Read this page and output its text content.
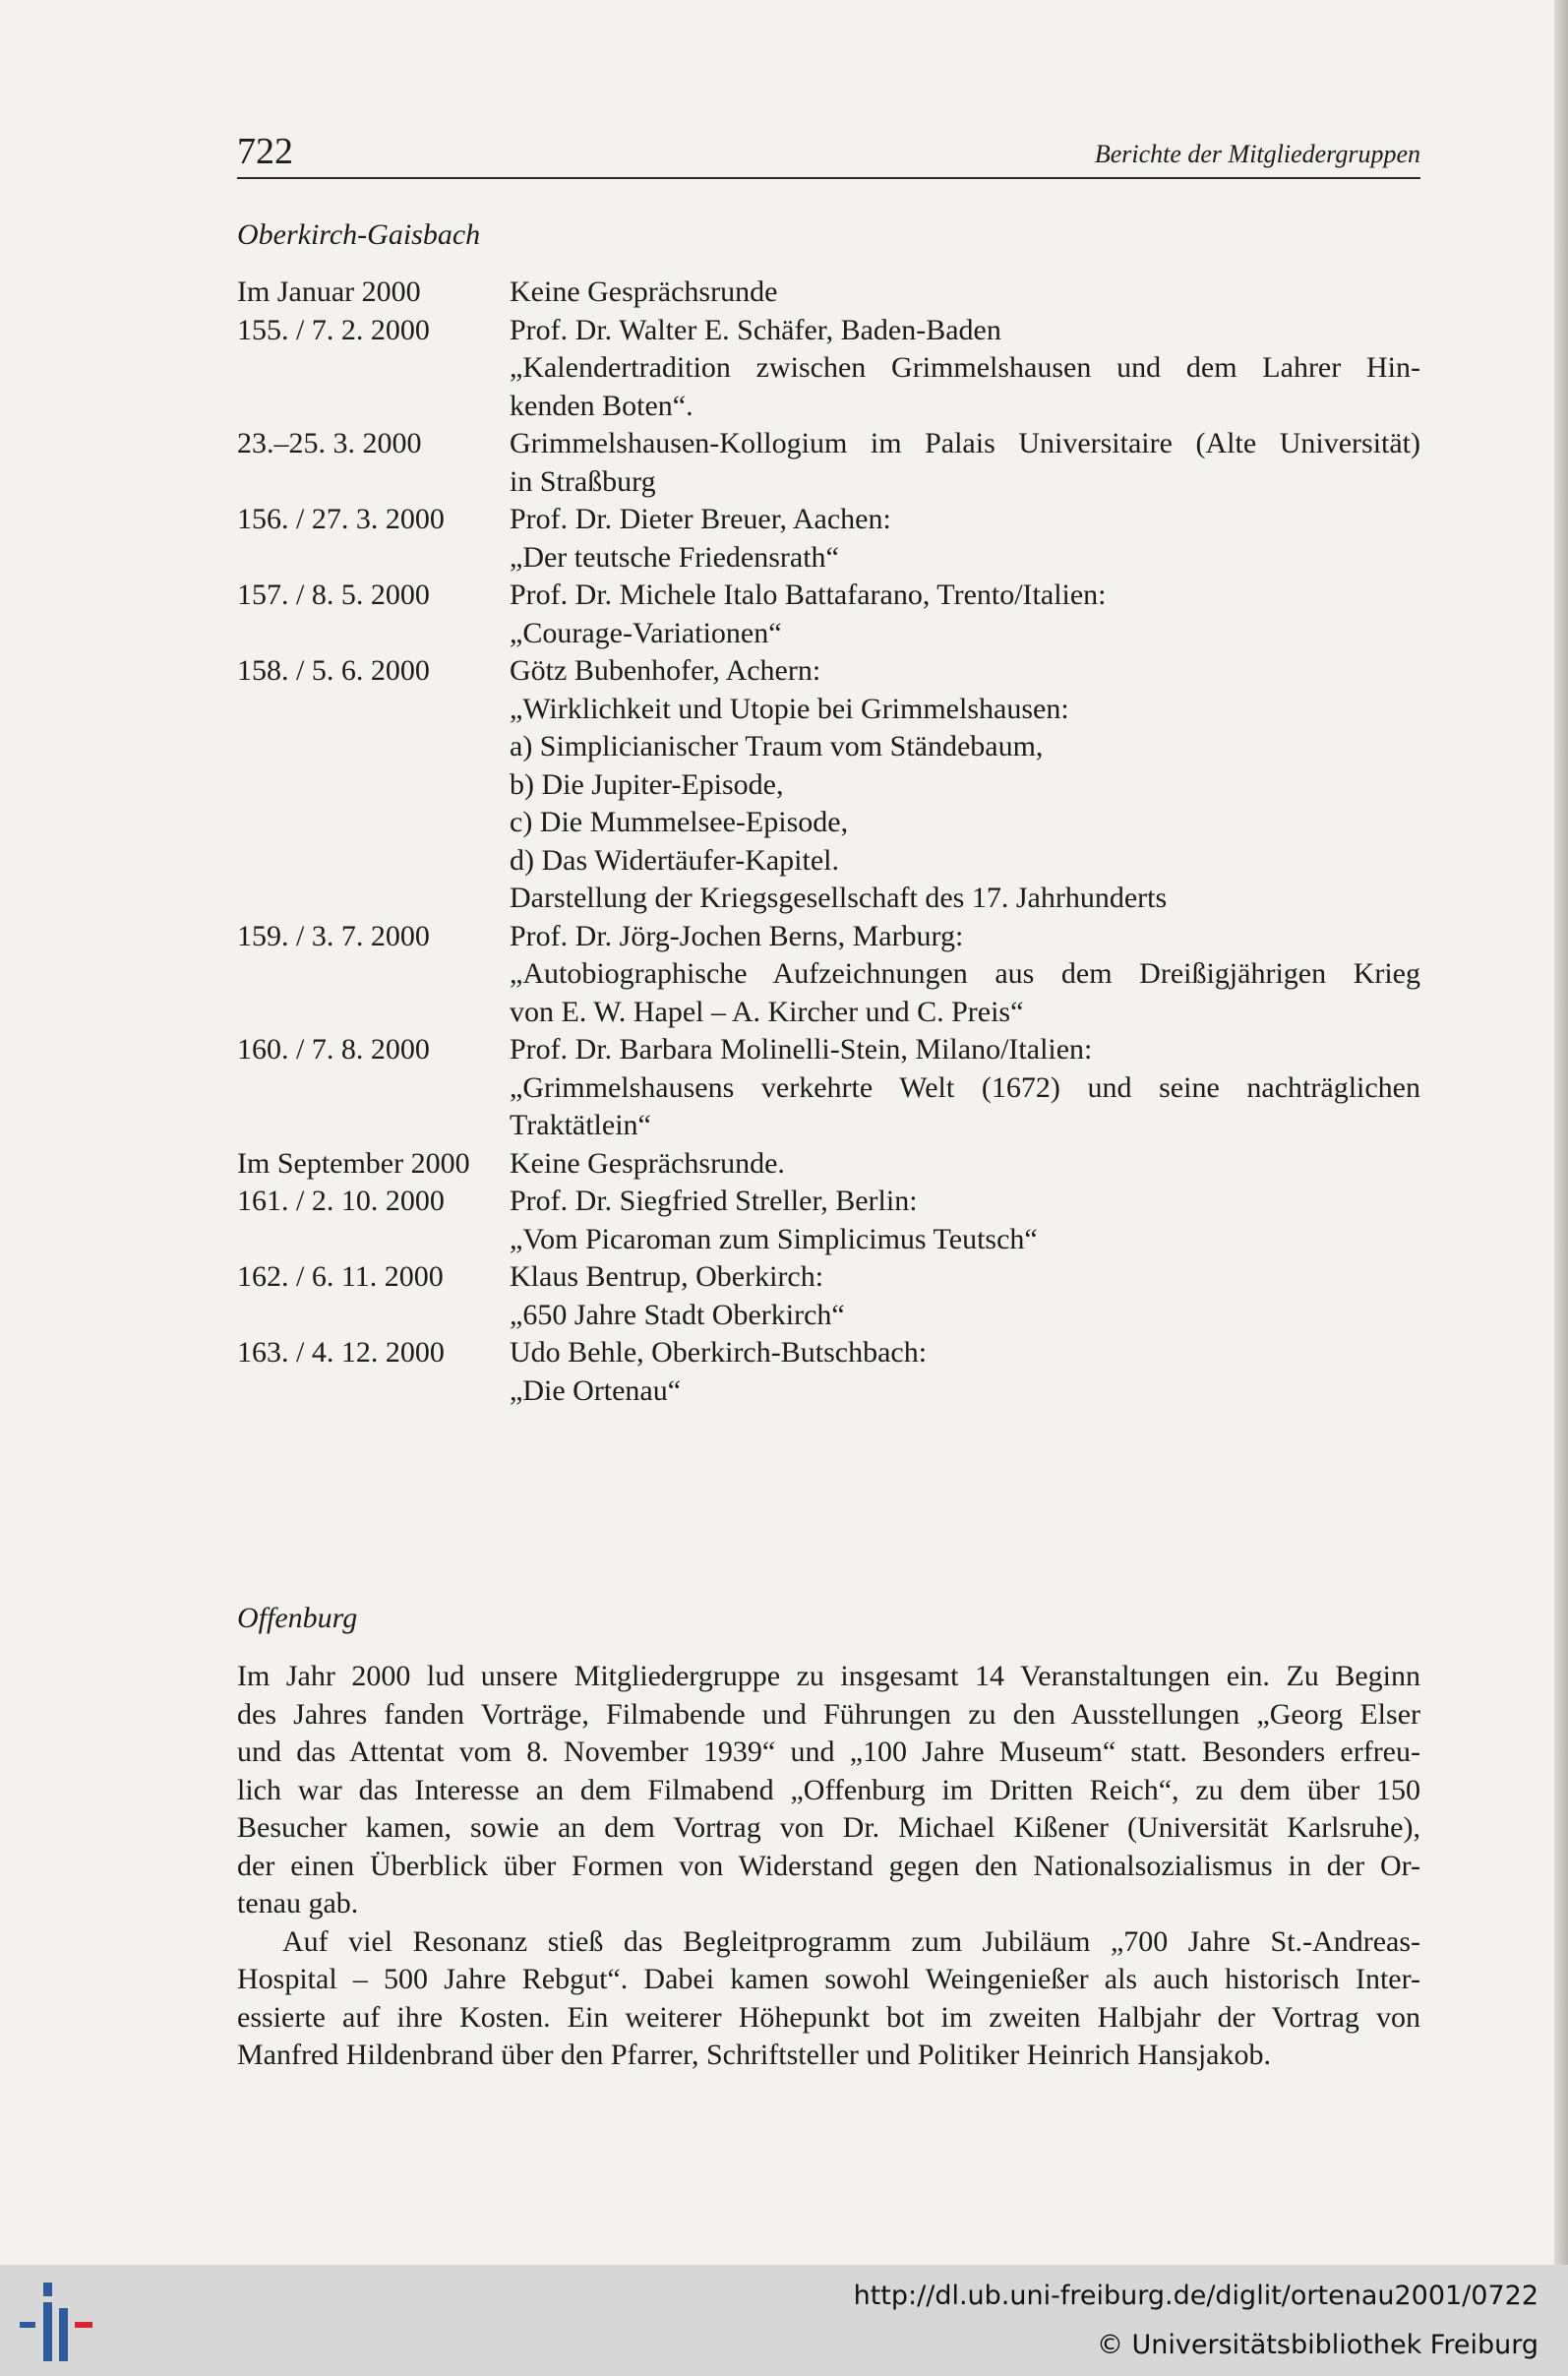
722	Berichte der Mitgliedergruppen
Oberkirch-Gaisbach
Im Januar 2000	Keine Gesprächsrunde
155. / 7. 2. 2000	Prof. Dr. Walter E. Schäfer, Baden-Baden
„Kalendertradition zwischen Grimmelshausen und dem Lahrer Hin-
kenden Boten“.
23.–25. 3. 2000	Grimmelshausen-Kollogium im Palais Universitaire (Alte Universität)
in Straßburg
156. / 27. 3. 2000	Prof. Dr. Dieter Breuer, Aachen:
„Der teutsche Friedensrath“
157. / 8. 5. 2000	Prof. Dr. Michele Italo Battafarano, Trento/Italien:
„Courage-Variationen“
158. / 5. 6. 2000	Götz Bubenhofer, Achern:
„Wirklichkeit und Utopie bei Grimmelshausen:
a) Simplicianischer Traum vom Ständebaum,
b) Die Jupiter-Episode,
c) Die Mummelsee-Episode,
d) Das Widertäufer-Kapitel.
Darstellung der Kriegsgesellschaft des 17. Jahrhunderts
159. / 3. 7. 2000	Prof. Dr. Jörg-Jochen Berns, Marburg:
„Autobiographische Aufzeichnungen aus dem Dreißigjährigen Krieg
von E. W. Hapel – A. Kircher und C. Preis“
160. / 7. 8. 2000	Prof. Dr. Barbara Molinelli-Stein, Milano/Italien:
„Grimmelshausens verkehrte Welt (1672) und seine nachträglichen
Traktätlein“
Im September 2000	Keine Gesprächsrunde.
161. / 2. 10. 2000	Prof. Dr. Siegfried Streller, Berlin:
„Vom Picaroman zum Simplicimus Teutsch“
162. / 6. 11. 2000	Klaus Bentrup, Oberkirch:
„650 Jahre Stadt Oberkirch“
163. / 4. 12. 2000	Udo Behle, Oberkirch-Butschbach:
„Die Ortenau“
Offenburg
Im Jahr 2000 lud unsere Mitgliedergruppe zu insgesamt 14 Veranstaltungen ein. Zu Beginn
des Jahres fanden Vorträge, Filmabende und Führungen zu den Ausstellungen „Georg Elser
und das Attentat vom 8. November 1939“ und „100 Jahre Museum“ statt. Besonders erfreu-
lich war das Interesse an dem Filmabend „Offenburg im Dritten Reich“, zu dem über 150
Besucher kamen, sowie an dem Vortrag von Dr. Michael Kißener (Universität Karlsruhe),
der einen Überblick über Formen von Widerstand gegen den Nationalsozialismus in der Or-
tenau gab.
Auf viel Resonanz stieß das Begleitprogramm zum Jubiläum „700 Jahre St.-Andreas-
Hospital – 500 Jahre Rebgut“. Dabei kamen sowohl Weingenießer als auch historisch Inter-
essierte auf ihre Kosten. Ein weiterer Höhepunkt bot im zweiten Halbjahr der Vortrag von
Manfred Hildenbrand über den Pfarrer, Schriftsteller und Politiker Heinrich Hansjakob.
http://dl.ub.uni-freiburg.de/diglit/ortenau2001/0722
© Universitätsbibliothek Freiburg
